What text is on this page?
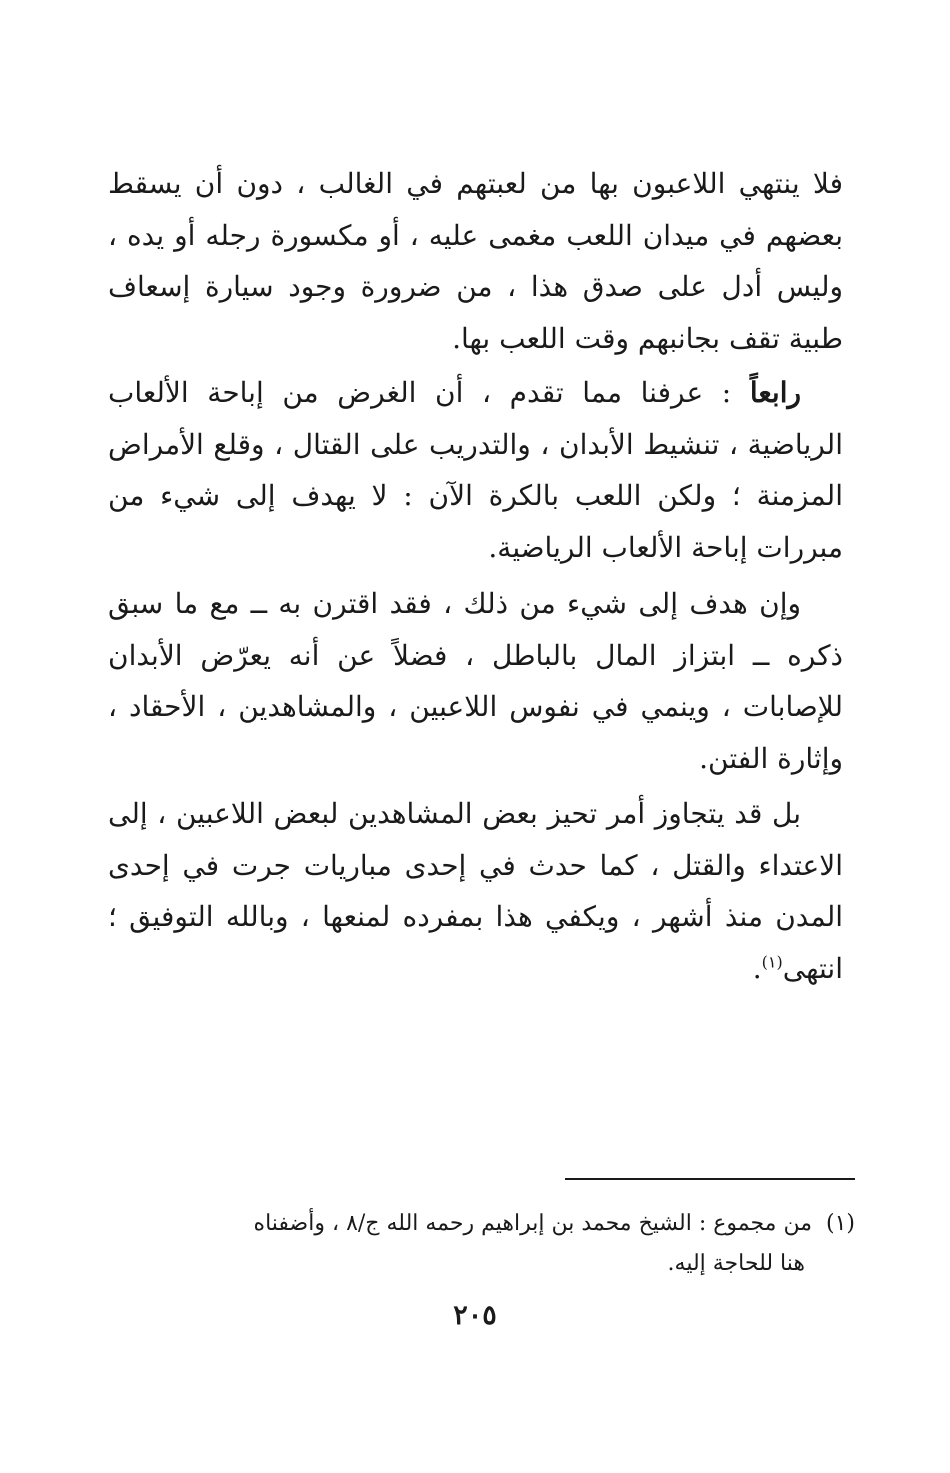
فلا ينتهي اللاعبون بها من لعبتهم في الغالب ، دون أن يسقط بعضهم في ميدان اللعب مغمى عليه ، أو مكسورة رجله أو يده ، وليس أدل على صدق هذا ، من ضرورة وجود سيارة إسعاف طبية تقف بجانبهم وقت اللعب بها.

رابعاً : عرفنا مما تقدم ، أن الغرض من إباحة الألعاب الرياضية ، تنشيط الأبدان ، والتدريب على القتال ، وقلع الأمراض المزمنة ؛ ولكن اللعب بالكرة الآن : لا يهدف إلى شيء من مبررات إباحة الألعاب الرياضية.

وإن هدف إلى شيء من ذلك ، فقد اقترن به ــ مع ما سبق ذكره ــ ابتزاز المال بالباطل ، فضلاً عن أنه يعرّض الأبدان للإصابات ، وينمي في نفوس اللاعبين ، والمشاهدين ، الأحقاد ، وإثارة الفتن.

بل قد يتجاوز أمر تحيز بعض المشاهدين لبعض اللاعبين ، إلى الاعتداء والقتل ، كما حدث في إحدى مباريات جرت في إحدى المدن منذ أشهر ، ويكفي هذا بمفرده لمنعها ، وبالله التوفيق ؛ انتهى$^{(١)}$.

(١)من مجموع : الشيخ محمد بن إبراهيم رحمه الله ج/٨ ، وأضفناه
هنا للحاجة إليه.
٢٠٥
